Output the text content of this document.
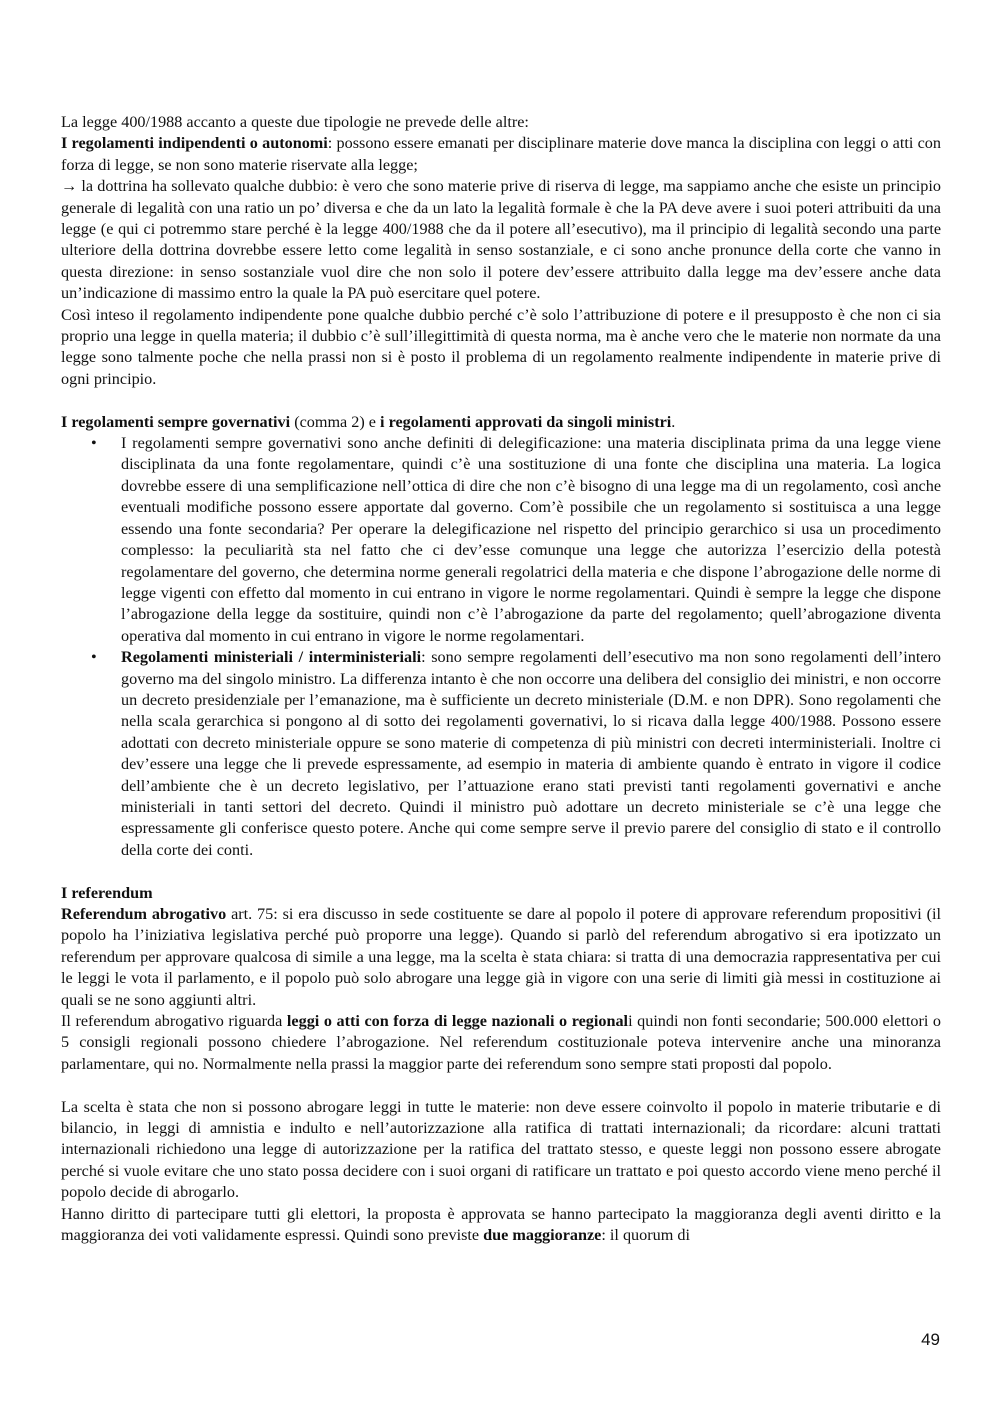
La legge 400/1988 accanto a queste due tipologie ne prevede delle altre:

I regolamenti indipendenti o autonomi: possono essere emanati per disciplinare materie dove manca la disciplina con leggi o atti con forza di legge, se non sono materie riservate alla legge;

→ la dottrina ha sollevato qualche dubbio: è vero che sono materie prive di riserva di legge, ma sappiamo anche che esiste un principio generale di legalità con una ratio un po’ diversa e che da un lato la legalità formale è che la PA deve avere i suoi poteri attribuiti da una legge (e qui ci potremmo stare perché è la legge 400/1988 che da il potere all’esecutivo), ma il principio di legalità secondo una parte ulteriore della dottrina dovrebbe essere letto come legalità in senso sostanziale, e ci sono anche pronunce della corte che vanno in questa direzione: in senso sostanziale vuol dire che non solo il potere dev’essere attribuito dalla legge ma dev’essere anche data un’indicazione di massimo entro la quale la PA può esercitare quel potere.

Così inteso il regolamento indipendente pone qualche dubbio perché c’è solo l’attribuzione di potere e il presupposto è che non ci sia proprio una legge in quella materia; il dubbio c’è sull’illegittimità di questa norma, ma è anche vero che le materie non normate da una legge sono talmente poche che nella prassi non si è posto il problema di un regolamento realmente indipendente in materie prive di ogni principio.

I regolamenti sempre governativi (comma 2) e i regolamenti approvati da singoli ministri.

• I regolamenti sempre governativi sono anche definiti di delegificazione: una materia disciplinata prima da una legge viene disciplinata da una fonte regolamentare, quindi c’è una sostituzione di una fonte che disciplina una materia. La logica dovrebbe essere di una semplificazione nell’ottica di dire che non c’è bisogno di una legge ma di un regolamento, così anche eventuali modifiche possono essere apportate dal governo. Com’è possibile che un regolamento si sostituisca a una legge essendo una fonte secondaria? Per operare la delegificazione nel rispetto del principio gerarchico si usa un procedimento complesso: la peculiarità sta nel fatto che ci dev’esse comunque una legge che autorizza l’esercizio della potestà regolamentare del governo, che determina norme generali regolatrici della materia e che dispone l’abrogazione delle norme di legge vigenti con effetto dal momento in cui entrano in vigore le norme regolamentari. Quindi è sempre la legge che dispone l’abrogazione della legge da sostituire, quindi non c’è l’abrogazione da parte del regolamento; quell’abrogazione diventa operativa dal momento in cui entrano in vigore le norme regolamentari.

• Regolamenti ministeriali / interministeriali: sono sempre regolamenti dell’esecutivo ma non sono regolamenti dell’intero governo ma del singolo ministro. La differenza intanto è che non occorre una delibera del consiglio dei ministri, e non occorre un decreto presidenziale per l’emanazione, ma è sufficiente un decreto ministeriale (D.M. e non DPR). Sono regolamenti che nella scala gerarchica si pongono al di sotto dei regolamenti governativi, lo si ricava dalla legge 400/1988. Possono essere adottati con decreto ministeriale oppure se sono materie di competenza di più ministri con decreti interministeriali. Inoltre ci dev’essere una legge che li prevede espressamente, ad esempio in materia di ambiente quando è entrato in vigore il codice dell’ambiente che è un decreto legislativo, per l’attuazione erano stati previsti tanti regolamenti governativi e anche ministeriali in tanti settori del decreto. Quindi il ministro può adottare un decreto ministeriale se c’è una legge che espressamente gli conferisce questo potere. Anche qui come sempre serve il previo parere del consiglio di stato e il controllo della corte dei conti.

I referendum

Referendum abrogativo art. 75: si era discusso in sede costituente se dare al popolo il potere di approvare referendum propositivi (il popolo ha l’iniziativa legislativa perché può proporre una legge). Quando si parlò del referendum abrogativo si era ipotizzato un referendum per approvare qualcosa di simile a una legge, ma la scelta è stata chiara: si tratta di una democrazia rappresentativa per cui le leggi le vota il parlamento, e il popolo può solo abrogare una legge già in vigore con una serie di limiti già messi in costituzione ai quali se ne sono aggiunti altri.

Il referendum abrogativo riguarda leggi o atti con forza di legge nazionali o regionali quindi non fonti secondarie; 500.000 elettori o 5 consigli regionali possono chiedere l’abrogazione. Nel referendum costituzionale poteva intervenire anche una minoranza parlamentare, qui no. Normalmente nella prassi la maggior parte dei referendum sono sempre stati proposti dal popolo.

La scelta è stata che non si possono abrogare leggi in tutte le materie: non deve essere coinvolto il popolo in materie tributarie e di bilancio, in leggi di amnistia e indulto e nell’autorizzazione alla ratifica di trattati internazionali; da ricordare: alcuni trattati internazionali richiedono una legge di autorizzazione per la ratifica del trattato stesso, e queste leggi non possono essere abrogate perché si vuole evitare che uno stato possa decidere con i suoi organi di ratificare un trattato e poi questo accordo viene meno perché il popolo decide di abrogarlo.

Hanno diritto di partecipare tutti gli elettori, la proposta è approvata se hanno partecipato la maggioranza degli aventi diritto e la maggioranza dei voti validamente espressi. Quindi sono previste due maggioranze: il quorum di

49
